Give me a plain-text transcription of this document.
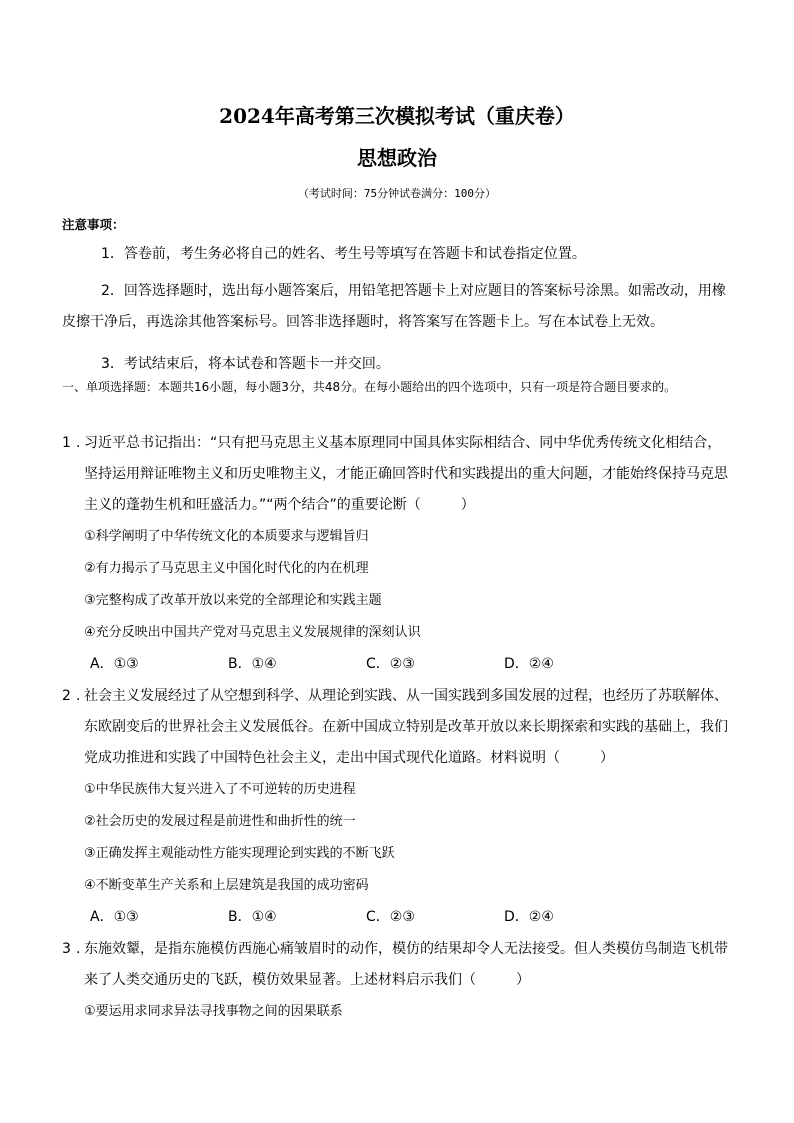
2024年高考第三次模拟考试（重庆卷）
思想政治
（考试时间：75分钟试卷满分：100分）
注意事项：
1．答卷前，考生务必将自己的姓名、考生号等填写在答题卡和试卷指定位置。
2．回答选择题时，选出每小题答案后，用铅笔把答题卡上对应题目的答案标号涂黑。如需改动，用橡皮擦干净后，再选涂其他答案标号。回答非选择题时，将答案写在答题卡上。写在本试卷上无效。
3．考试结束后，将本试卷和答题卡一并交回。
一、单项选择题：本题共16小题，每小题3分，共48分。在每小题给出的四个选项中，只有一项是符合题目要求的。
1 . 习近平总书记指出：“只有把马克思主义基本原理同中国具体实际相结合、同中华优秀传统文化相结合，坚持运用辩证唯物主义和历史唯物主义，才能正确回答时代和实践提出的重大问题，才能始终保持马克思主义的蓬勃生机和旺盛活力。”“两个结合”的重要论断（	）
①科学阐明了中华传统文化的本质要求与逻辑旨归
②有力揭示了马克思主义中国化时代化的内在机理
③完整构成了改革开放以来党的全部理论和实践主题
④充分反映出中国共产党对马克思主义发展规律的深刻认识
A．①③	B．①④	C．②③	D．②④
2 . 社会主义发展经过了从空想到科学、从理论到实践、从一国实践到多国发展的过程，也经历了苏联解体、东欧剧变后的世界社会主义发展低谷。在新中国成立特别是改革开放以来长期探索和实践的基础上，我们党成功推进和实践了中国特色社会主义，走出中国式现代化道路。材料说明（	）
①中华民族伟大复兴进入了不可逆转的历史进程
②社会历史的发展过程是前进性和曲折性的统一
③正确发挥主观能动性方能实现理论到实践的不断飞跃
④不断变革生产关系和上层建筑是我国的成功密码
A．①③	B．①④	C．②③	D．②④
3 . 东施效颦，是指东施模仿西施心痛皱眉时的动作，模仿的结果却令人无法接受。但人类模仿鸟制造飞机带来了人类交通历史的飞跃，模仿效果显著。上述材料启示我们（	）
①要运用求同求异法寻找事物之间的因果联系
